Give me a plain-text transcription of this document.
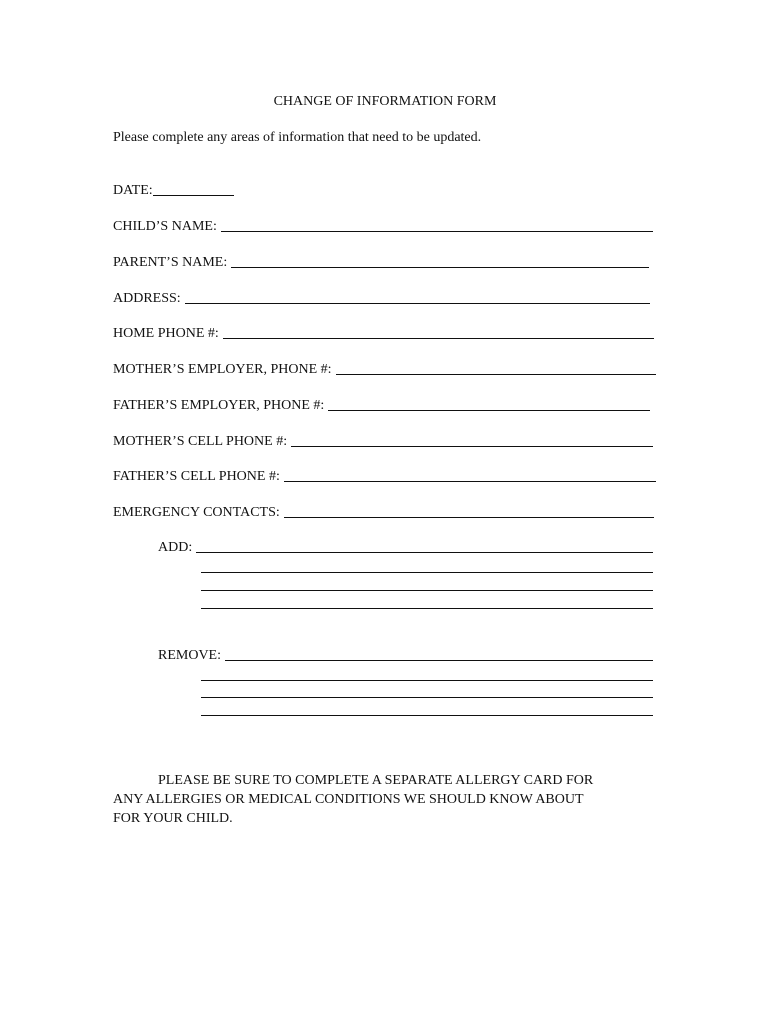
CHANGE OF INFORMATION FORM
Please complete any areas of information that need to be updated.
DATE:
CHILD’S NAME:
PARENT’S NAME:
ADDRESS:
HOME PHONE #:
MOTHER’S EMPLOYER, PHONE #:
FATHER’S EMPLOYER, PHONE #:
MOTHER’S CELL PHONE #:
FATHER’S CELL PHONE #:
EMERGENCY CONTACTS:
ADD:
REMOVE:
PLEASE BE SURE TO COMPLETE A SEPARATE ALLERGY CARD FOR
ANY ALLERGIES OR MEDICAL CONDITIONS WE SHOULD KNOW ABOUT
FOR YOUR CHILD.
